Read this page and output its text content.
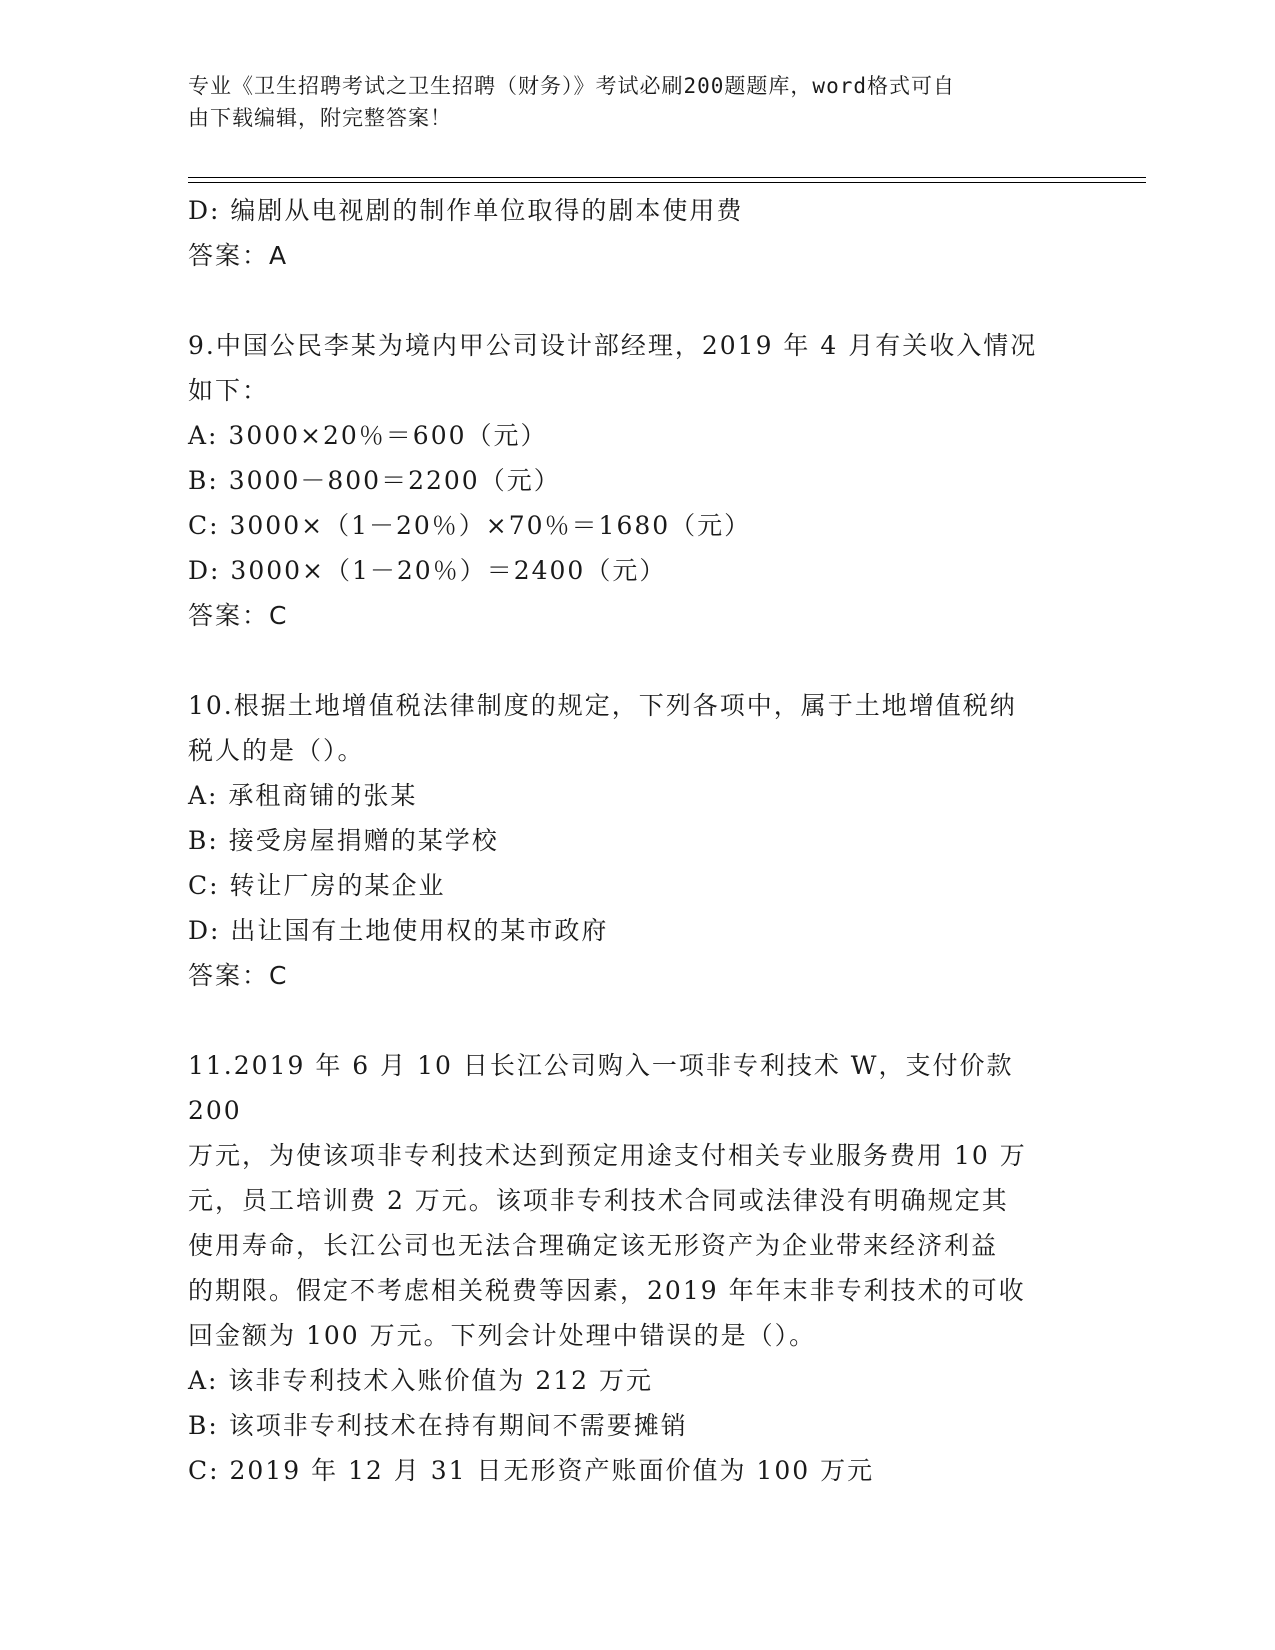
专业《卫生招聘考试之卫生招聘（财务）》考试必刷200题题库，word格式可自
由下载编辑，附完整答案！
D: 编剧从电视剧的制作单位取得的剧本使用费
答案：A
9.中国公民李某为境内甲公司设计部经理，2019 年 4 月有关收入情况
如下：
A: 3000×20％＝600（元）
B: 3000－800＝2200（元）
C: 3000×（1－20％）×70％＝1680（元）
D: 3000×（1－20％）＝2400（元）
答案：C
10.根据土地增值税法律制度的规定，下列各项中，属于土地增值税纳
税人的是（）。
A: 承租商铺的张某
B: 接受房屋捐赠的某学校
C: 转让厂房的某企业
D: 出让国有土地使用权的某市政府
答案：C
11.2019 年 6 月 10 日长江公司购入一项非专利技术 W，支付价款 200
万元，为使该项非专利技术达到预定用途支付相关专业服务费用 10 万
元，员工培训费 2 万元。该项非专利技术合同或法律没有明确规定其
使用寿命，长江公司也无法合理确定该无形资产为企业带来经济利益
的期限。假定不考虑相关税费等因素，2019 年年末非专利技术的可收
回金额为 100 万元。下列会计处理中错误的是（）。
A: 该非专利技术入账价值为 212 万元
B: 该项非专利技术在持有期间不需要摊销
C: 2019 年 12 月 31 日无形资产账面价值为 100 万元
